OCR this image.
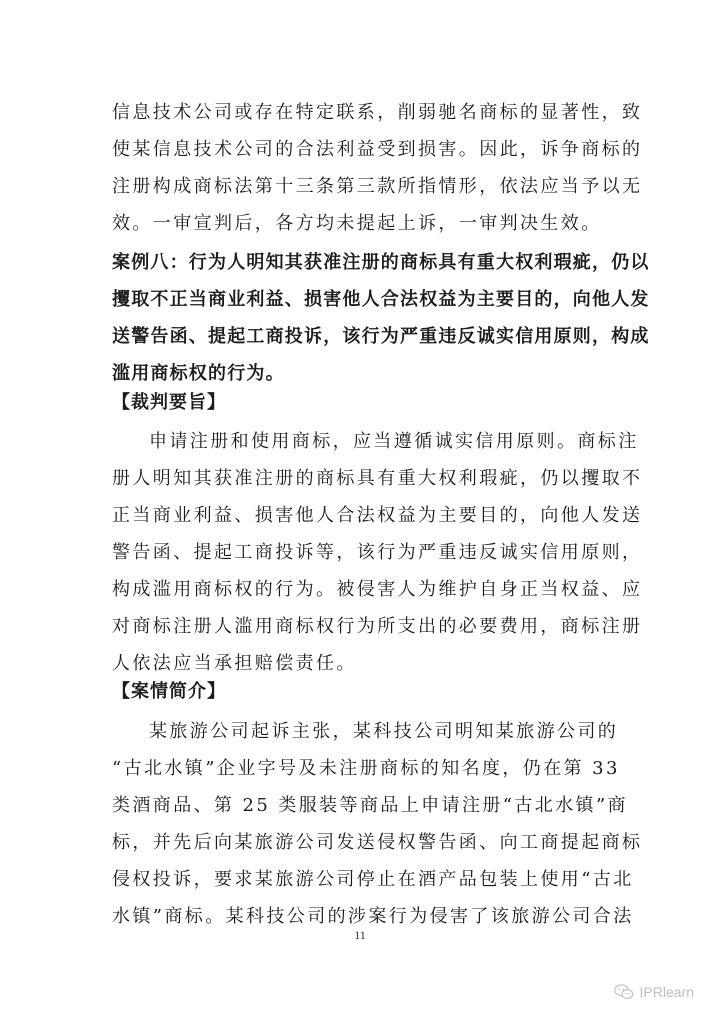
信息技术公司或存在特定联系，削弱驰名商标的显著性，致
使某信息技术公司的合法利益受到损害。因此，诉争商标的
注册构成商标法第十三条第三款所指情形，依法应当予以无
效。一审宣判后，各方均未提起上诉，一审判决生效。
案例八：行为人明知其获准注册的商标具有重大权利瑕疵，仍以
攫取不正当商业利益、损害他人合法权益为主要目的，向他人发
送警告函、提起工商投诉，该行为严重违反诚实信用原则，构成
滥用商标权的行为。
【裁判要旨】
申请注册和使用商标，应当遵循诚实信用原则。商标注
册人明知其获准注册的商标具有重大权利瑕疵，仍以攫取不
正当商业利益、损害他人合法权益为主要目的，向他人发送
警告函、提起工商投诉等，该行为严重违反诚实信用原则，
构成滥用商标权的行为。被侵害人为维护自身正当权益、应
对商标注册人滥用商标权行为所支出的必要费用，商标注册
人依法应当承担赔偿责任。
【案情简介】
某旅游公司起诉主张，某科技公司明知某旅游公司的
“古北水镇”企业字号及未注册商标的知名度，仍在第 33
类酒商品、第 25 类服装等商品上申请注册“古北水镇”商
标，并先后向某旅游公司发送侵权警告函、向工商提起商标
侵权投诉，要求某旅游公司停止在酒产品包装上使用“古北
水镇”商标。某科技公司的涉案行为侵害了该旅游公司合法
11
IPRlearn
